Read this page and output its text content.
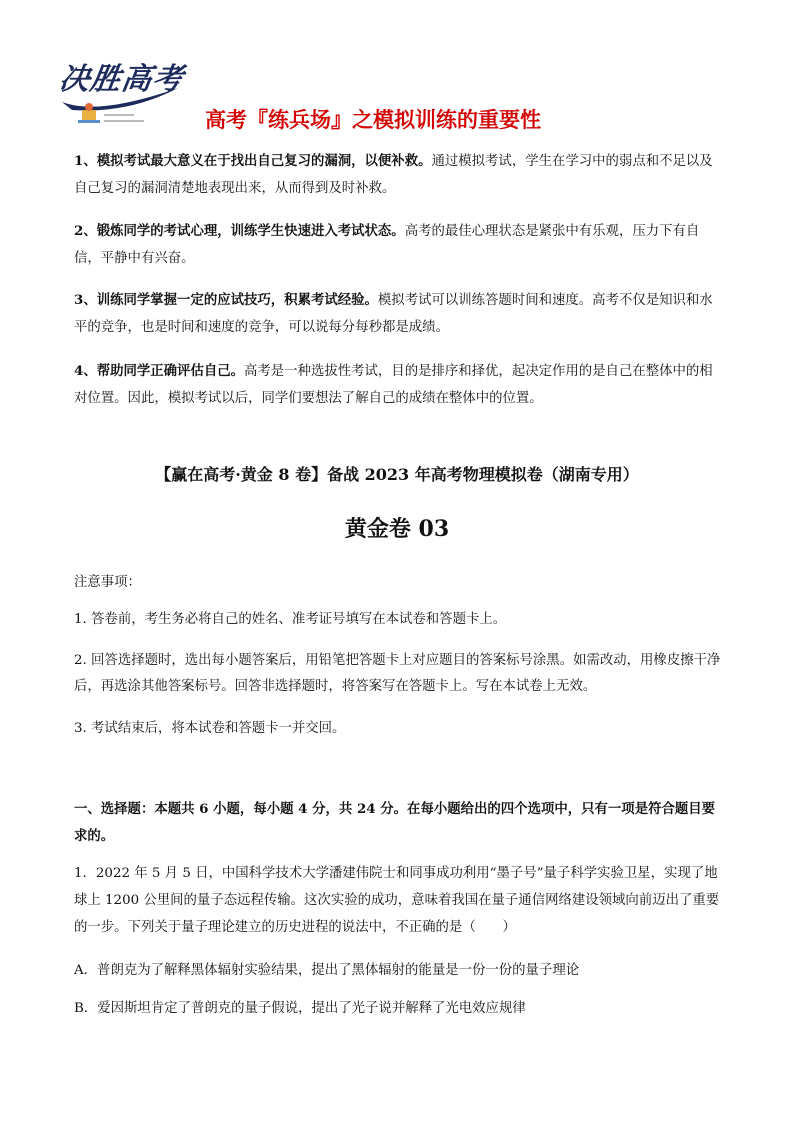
决胜高考
高考『练兵场』之模拟训练的重要性

1、模拟考试最大意义在于找出自己复习的漏洞，以便补救。通过模拟考试，学生在学习中的弱点和不足以及自己复习的漏洞清楚地表现出来，从而得到及时补救。

2、锻炼同学的考试心理，训练学生快速进入考试状态。高考的最佳心理状态是紧张中有乐观，压力下有自信，平静中有兴奋。

3、训练同学掌握一定的应试技巧，积累考试经验。模拟考试可以训练答题时间和速度。高考不仅是知识和水平的竞争，也是时间和速度的竞争，可以说每分每秒都是成绩。

4、帮助同学正确评估自己。高考是一种选拔性考试，目的是排序和择优，起决定作用的是自己在整体中的相对位置。因此，模拟考试以后，同学们要想法了解自己的成绩在整体中的位置。

【赢在高考·黄金 8 卷】备战 2023 年高考物理模拟卷（湖南专用）
黄金卷 03

注意事项：

1. 答卷前，考生务必将自己的姓名、准考证号填写在本试卷和答题卡上。

2. 回答选择题时，选出每小题答案后，用铅笔把答题卡上对应题目的答案标号涂黑。如需改动，用橡皮擦干净后，再选涂其他答案标号。回答非选择题时，将答案写在答题卡上。写在本试卷上无效。

3. 考试结束后，将本试卷和答题卡一并交回。

一、选择题：本题共 6 小题，每小题 4 分，共 24 分。在每小题给出的四个选项中，只有一项是符合题目要求的。

1．2022 年 5 月 5 日，中国科学技术大学潘建伟院士和同事成功利用“墨子号”量子科学实验卫星，实现了地球上 1200 公里间的量子态远程传输。这次实验的成功，意味着我国在量子通信网络建设领域向前迈出了重要的一步。下列关于量子理论建立的历史进程的说法中，不正确的是（　　）

A．普朗克为了解释黑体辐射实验结果，提出了黑体辐射的能量是一份一份的量子理论

B．爱因斯坦肯定了普朗克的量子假说，提出了光子说并解释了光电效应规律
